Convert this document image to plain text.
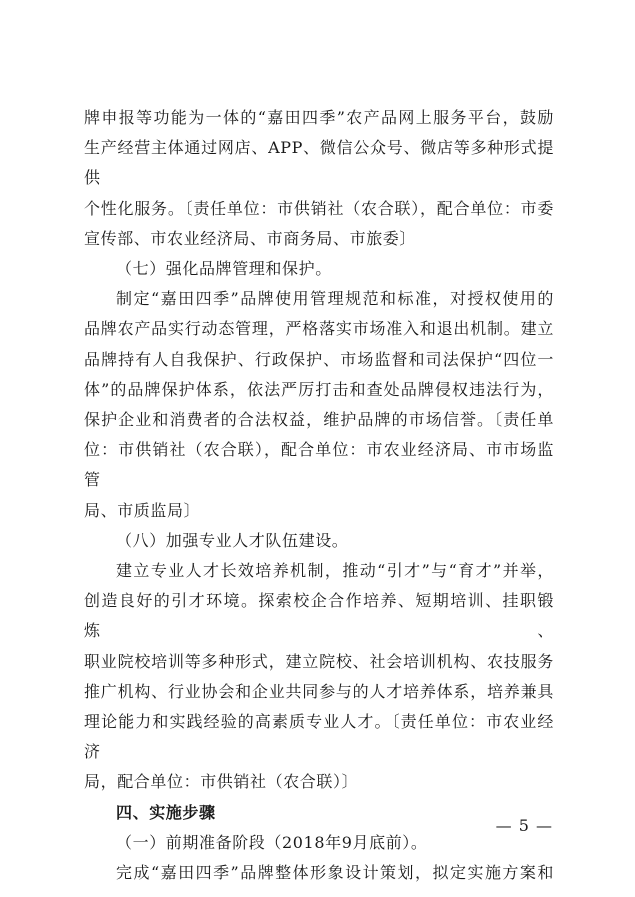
牌申报等功能为一体的“嘉田四季”农产品网上服务平台，鼓励

生产经营主体通过网店、APP、微信公众号、微店等多种形式提供

个性化服务。〔责任单位：市供销社（农合联），配合单位：市委

宣传部、市农业经济局、市商务局、市旅委〕

（七）强化品牌管理和保护。

制定“嘉田四季”品牌使用管理规范和标准，对授权使用的

品牌农产品实行动态管理，严格落实市场准入和退出机制。建立

品牌持有人自我保护、行政保护、市场监督和司法保护“四位一

体”的品牌保护体系，依法严厉打击和查处品牌侵权违法行为，

保护企业和消费者的合法权益，维护品牌的市场信誉。〔责任单

位：市供销社（农合联），配合单位：市农业经济局、市市场监管

局、市质监局〕

（八）加强专业人才队伍建设。

建立专业人才长效培养机制，推动“引才”与“育才”并举，

创造良好的引才环境。探索校企合作培养、短期培训、挂职锻炼、

职业院校培训等多种形式，建立院校、社会培训机构、农技服务

推广机构、行业协会和企业共同参与的人才培养体系，培养兼具

理论能力和实践经验的高素质专业人才。〔责任单位：市农业经济

局，配合单位：市供销社（农合联）〕

四、实施步骤

（一）前期准备阶段（2018年9月底前）。

完成“嘉田四季”品牌整体形象设计策划，拟定实施方案和

— 5 —
